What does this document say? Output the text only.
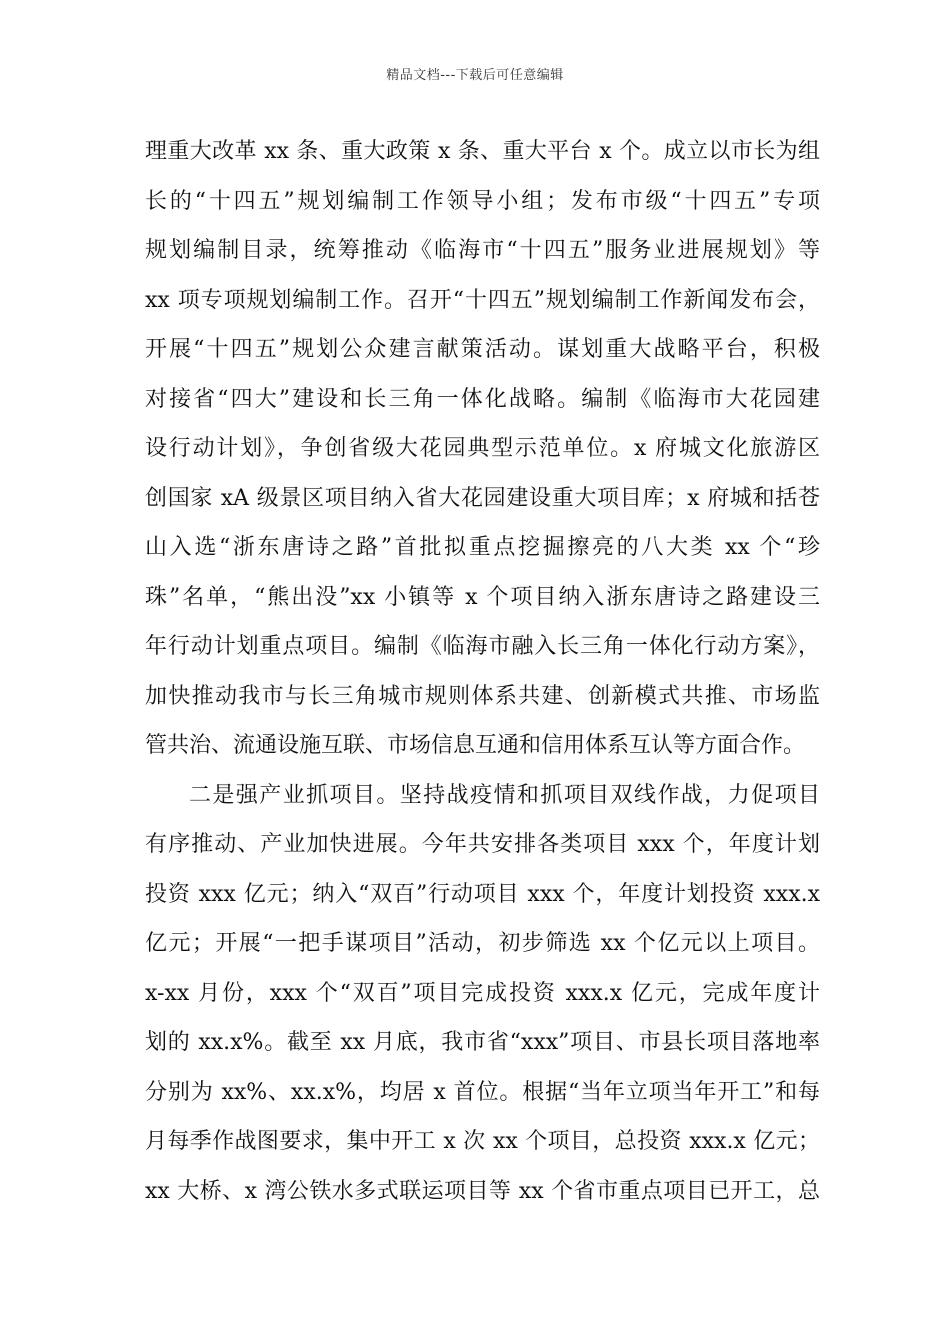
精品文档---下载后可任意编辑
理重大改革 xx 条、重大政策 x 条、重大平台 x 个。成立以市长为组
长的“十四五”规划编制工作领导小组；发布市级“十四五”专项
规划编制目录，统筹推动《临海市“十四五”服务业进展规划》等
xx 项专项规划编制工作。召开“十四五”规划编制工作新闻发布会，
开展“十四五”规划公众建言献策活动。谋划重大战略平台，积极
对接省“四大”建设和长三角一体化战略。编制《临海市大花园建
设行动计划》，争创省级大花园典型示范单位。x 府城文化旅游区
创国家 xA 级景区项目纳入省大花园建设重大项目库；x 府城和括苍
山入选“浙东唐诗之路”首批拟重点挖掘擦亮的八大类 xx 个“珍
珠”名单，“熊出没”xx 小镇等 x 个项目纳入浙东唐诗之路建设三
年行动计划重点项目。编制《临海市融入长三角一体化行动方案》，
加快推动我市与长三角城市规则体系共建、创新模式共推、市场监
管共治、流通设施互联、市场信息互通和信用体系互认等方面合作。
二是强产业抓项目。坚持战疫情和抓项目双线作战，力促项目
有序推动、产业加快进展。今年共安排各类项目 xxx 个，年度计划
投资 xxx 亿元；纳入“双百”行动项目 xxx 个，年度计划投资 xxx.x
亿元；开展“一把手谋项目”活动，初步筛选 xx 个亿元以上项目。
x-xx 月份，xxx 个“双百”项目完成投资 xxx.x 亿元，完成年度计
划的 xx.x%。截至 xx 月底，我市省“xxx”项目、市县长项目落地率
分别为 xx%、xx.x%，均居 x 首位。根据“当年立项当年开工”和每
月每季作战图要求，集中开工 x 次 xx 个项目，总投资 xxx.x 亿元；
xx 大桥、x 湾公铁水多式联运项目等 xx 个省市重点项目已开工，总
